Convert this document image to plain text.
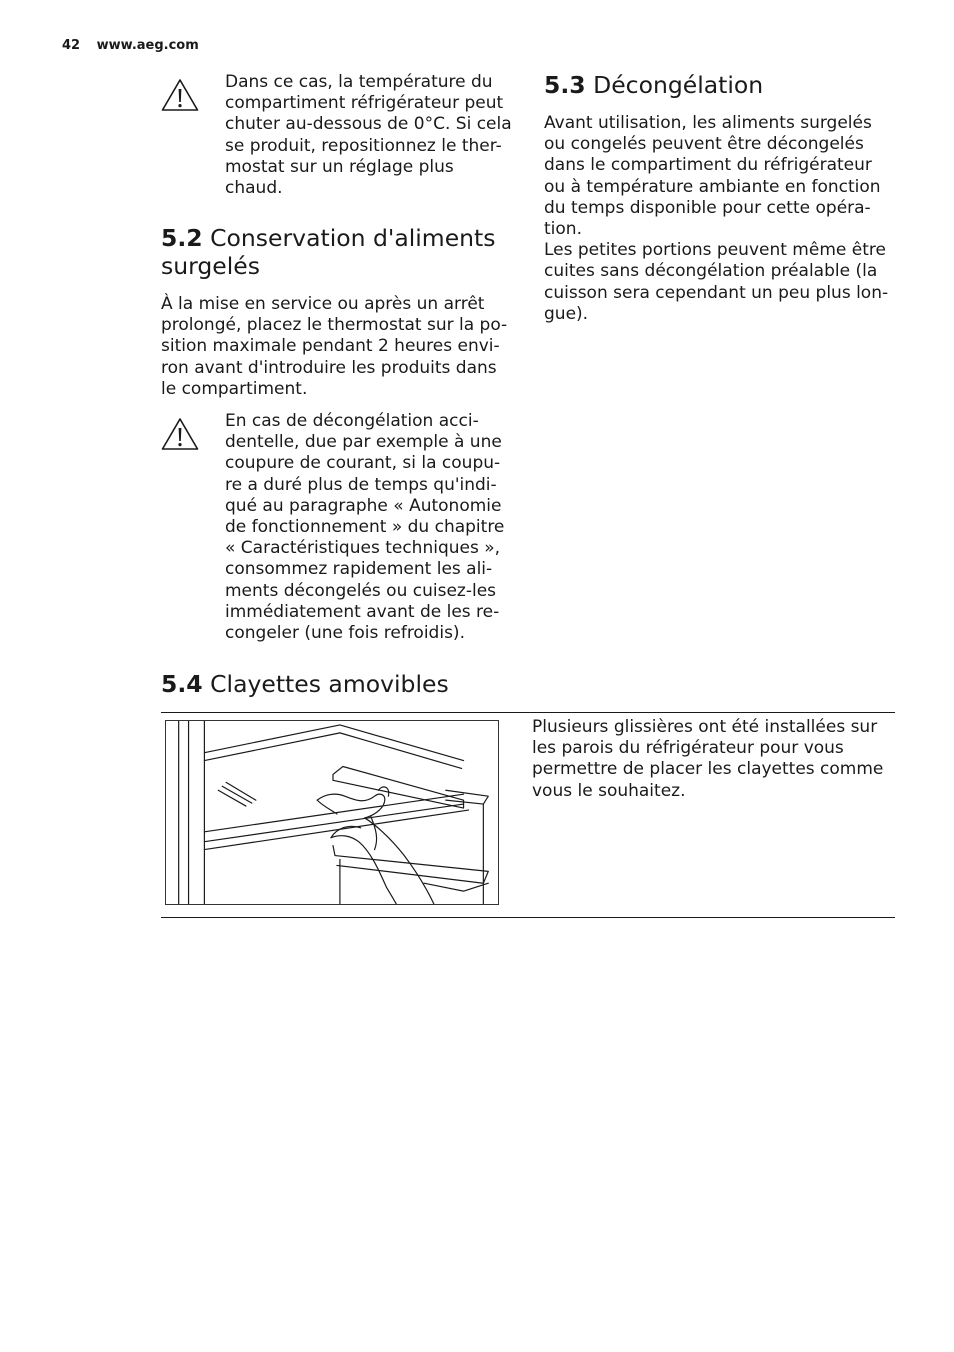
42 www.aeg.com

Dans ce cas, la température du
compartiment réfrigérateur peut
chuter au-dessous de 0°C. Si cela
se produit, repositionnez le ther-
mostat sur un réglage plus
chaud.

5.2 Conservation d'aliments
surgelés

À la mise en service ou après un arrêt
prolongé, placez le thermostat sur la po-
sition maximale pendant 2 heures envi-
ron avant d'introduire les produits dans
le compartiment.

En cas de décongélation acci-
dentelle, due par exemple à une
coupure de courant, si la coupu-
re a duré plus de temps qu'indi-
qué au paragraphe « Autonomie
de fonctionnement » du chapitre
« Caractéristiques techniques »,
consommez rapidement les ali-
ments décongelés ou cuisez-les
immédiatement avant de les re-
congeler (une fois refroidis).

5.3 Décongélation

Avant utilisation, les aliments surgelés
ou congelés peuvent être décongelés
dans le compartiment du réfrigérateur
ou à température ambiante en fonction
du temps disponible pour cette opéra-
tion.
Les petites portions peuvent même être
cuites sans décongélation préalable (la
cuisson sera cependant un peu plus lon-
gue).

5.4 Clayettes amovibles

Plusieurs glissières ont été installées sur
les parois du réfrigérateur pour vous
permettre de placer les clayettes comme
vous le souhaitez.
